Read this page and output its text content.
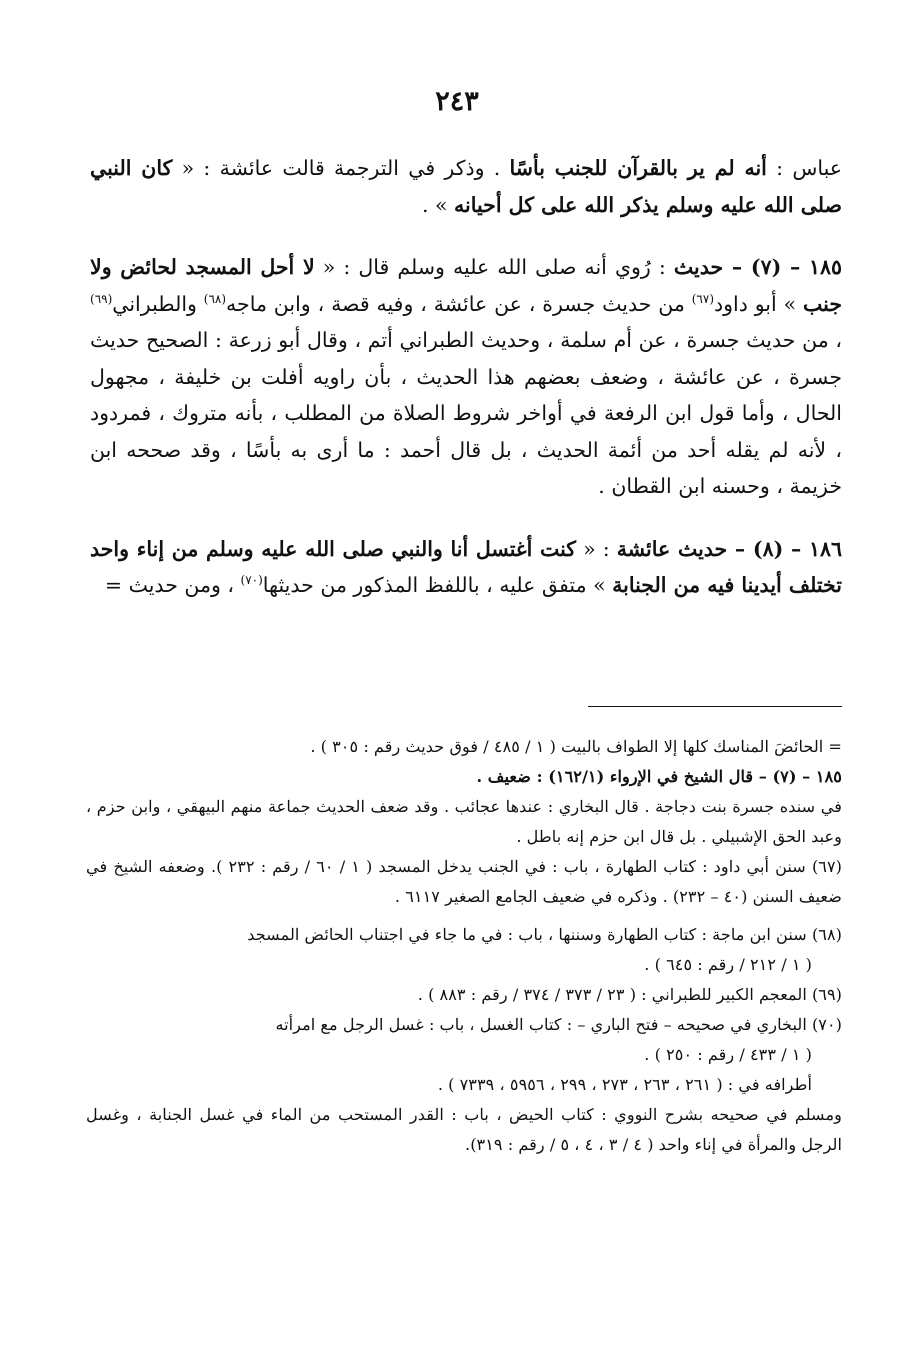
٢٤٣

عباس : أنه لم ير بالقرآن للجنب بأسًا . وذكر في الترجمة قالت عائشة : « كان النبي صلى الله عليه وسلم يذكر الله على كل أحيانه » .

١٨٥ – (٧) – حديث : رُوي أنه صلى الله عليه وسلم قال : « لا أحل المسجد لحائض ولا جنب » أبو داود$^{(٦٧)}$ من حديث جسرة ، عن عائشة ، وفيه قصة ، وابن ماجه$^{(٦٨)}$ والطبراني$^{(٦٩)}$ ، من حديث جسرة ، عن أم سلمة ، وحديث الطبراني أتم ، وقال أبو زرعة : الصحيح حديث جسرة ، عن عائشة ، وضعف بعضهم هذا الحديث ، بأن راويه أفلت بن خليفة ، مجهول الحال ، وأما قول ابن الرفعة في أواخر شروط الصلاة من المطلب ، بأنه متروك ، فمردود ، لأنه لم يقله أحد من أئمة الحديث ، بل قال أحمد : ما أرى به بأسًا ، وقد صححه ابن خزيمة ، وحسنه ابن القطان .

١٨٦ – (٨) – حديث عائشة : « كنت أغتسل أنا والنبي صلى الله عليه وسلم من إناء واحد تختلف أيدينا فيه من الجنابة » متفق عليه ، باللفظ المذكور من حديثها$^{(٧٠)}$ ، ومن حديث =

= الحائضَ المناسك كلها إلا الطواف بالبيت ( ١ / ٤٨٥ / فوق حديث رقم : ٣٠٥ ) .

١٨٥ – (٧) – قال الشيخ في الإرواء (١٦٢/١) : ضعيف .

في سنده جسرة بنت دجاجة . قال البخاري : عندها عجائب . وقد ضعف الحديث جماعة منهم البيهقي ، وابن حزم ، وعبد الحق الإشبيلي . بل قال ابن حزم إنه باطل .

(٦٧) سنن أبي داود : كتاب الطهارة ، باب : في الجنب يدخل المسجد ( ١ / ٦٠ / رقم : ٢٣٢ ). وضعفه الشيخ في ضعيف السنن (٤٠ – ٢٣٢) . وذكره في ضعيف الجامع الصغير ٦١١٧ .

(٦٨) سنن ابن ماجة : كتاب الطهارة وسننها ، باب : في ما جاء في اجتناب الحائض المسجد

( ١ / ٢١٢ / رقم : ٦٤٥ ) .

(٦٩) المعجم الكبير للطبراني : ( ٢٣ / ٣٧٣ / ٣٧٤ / رقم : ٨٨٣ ) .

(٧٠) البخاري في صحيحه – فتح الباري – : كتاب الغسل ، باب : غسل الرجل مع امرأته

( ١ / ٤٣٣ / رقم : ٢٥٠ ) .

أطرافه في : ( ٢٦١ ، ٢٦٣ ، ٢٧٣ ، ٢٩٩ ، ٥٩٥٦ ، ٧٣٣٩ ) .

ومسلم في صحيحه بشرح النووي : كتاب الحيض ، باب : القدر المستحب من الماء في غسل الجنابة ، وغسل الرجل والمرأة في إناء واحد ( ٤ / ٣ ، ٤ ، ٥ / رقم : ٣١٩).
